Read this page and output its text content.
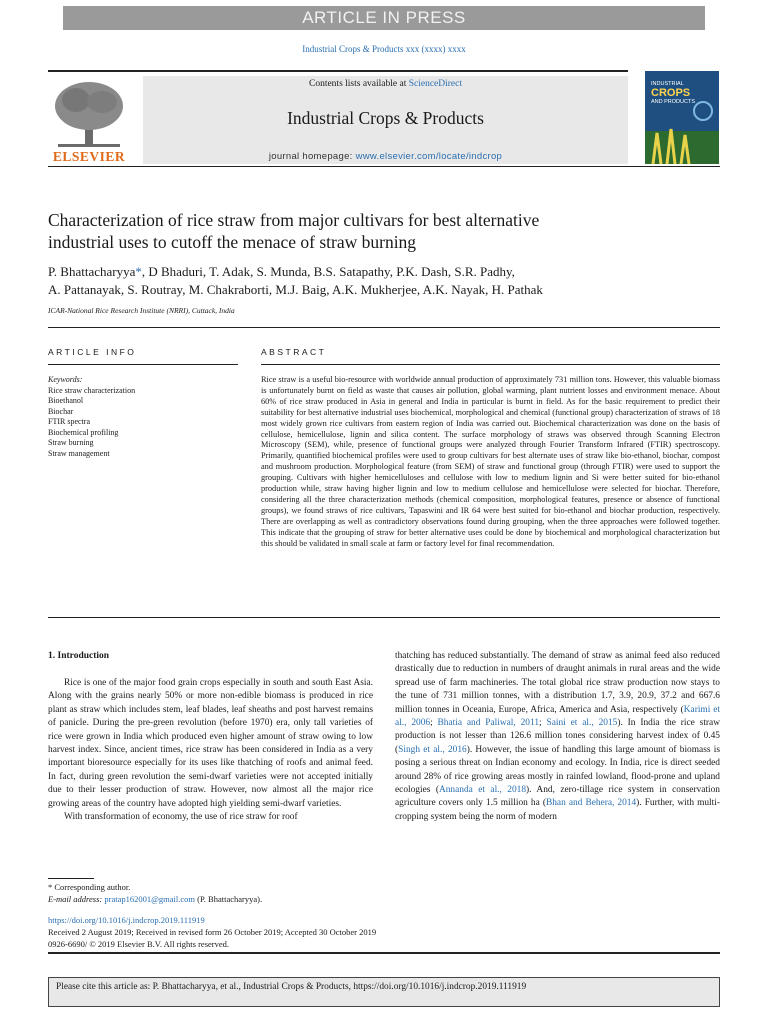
ARTICLE IN PRESS
Industrial Crops & Products xxx (xxxx) xxxx
ELSEVIER
Contents lists available at ScienceDirect
Industrial Crops & Products
journal homepage: www.elsevier.com/locate/indcrop
INDUSTRIAL
CROPS
AND PRODUCTS
Characterization of rice straw from major cultivars for best alternative
industrial uses to cutoff the menace of straw burning
P. Bhattacharyya*, D Bhaduri, T. Adak, S. Munda, B.S. Satapathy, P.K. Dash, S.R. Padhy,
A. Pattanayak, S. Routray, M. Chakraborti, M.J. Baig, A.K. Mukherjee, A.K. Nayak, H. Pathak
ICAR-National Rice Research Institute (NRRI), Cuttack, India
ARTICLE INFO	ABSTRACT
Keywords:
Rice straw characterization
Bioethanol
Biochar
FTIR spectra
Biochemical profiling
Straw burning
Straw management
Rice straw is a useful bio-resource with worldwide annual production of approximately 731 million tons. However, this valuable biomass is unfortunately burnt on field as waste that causes air pollution, global warming, plant nutrient losses and environment menace. About 60% of rice straw produced in Asia in general and India in particular is burnt in field. As for the basic requirement to predict their suitability for best alternative industrial uses biochemical, morphological and chemical (functional group) characterization of straws of 18 most widely grown rice cultivars from eastern region of India was carried out. Biochemical characterization was done on the basis of cellulose, hemicellulose, lignin and silica content. The surface morphology of straws was observed through Scanning Electron Microscopy (SEM), while, presence of functional groups were analyzed through Fourier Transform Infrared (FTIR) spectroscopy. Primarily, quantified biochemical profiles were used to group cultivars for best alternate uses of straw like bio-ethanol, biochar, compost and mushroom production. Morphological feature (from SEM) of straw and functional group (through FTIR) were used to support the grouping. Cultivars with higher hemicelluloses and cellulose with low to medium lignin and Si were better suited for bio-ethanol production while, straw having higher lignin and low to medium cellulose and hemicellulose were selected for biochar. Therefore, considering all the three characterization methods (chemical composition, morphological features, presence or absence of functional groups), we found straws of rice cultivars, Tapaswini and IR 64 were best suited for bio-ethanol and biochar production, respectively. There are overlapping as well as contradictory observations found during grouping, when the three approaches were followed together. This indicate that the grouping of straw for better alternative uses could be done by biochemical and morphological characterization but this should be validated in small scale at farm or factory level for final recommendation.
1. Introduction

Rice is one of the major food grain crops especially in south and south East Asia. Along with the grains nearly 50% or more non-edible biomass is produced in rice plant as straw which includes stem, leaf blades, leaf sheaths and post harvest remains of panicle. During the pre-green revolution (before 1970) era, only tall varieties of rice were grown in India which produced even higher amount of straw owing to low harvest index. Since, ancient times, rice straw has been considered in India as a very important bioresource especially for its uses like thatching of roofs and animal feed. In fact, during green revolution the semi-dwarf varieties were not accepted initially due to their lesser production of straw. However, now almost all the major rice growing areas of the country have adopted high yielding semi-dwarf varieties.

With transformation of economy, the use of rice straw for roof

thatching has reduced substantially. The demand of straw as animal feed also reduced drastically due to reduction in numbers of draught animals in rural areas and the wide spread use of farm machineries. The total global rice straw production now stays to the tune of 731 million tonnes, with a distribution 1.7, 3.9, 20.9, 37.2 and 667.6 million tonnes in Oceania, Europe, Africa, America and Asia, respectively (Karimi et al., 2006; Bhatia and Paliwal, 2011; Saini et al., 2015). In India the rice straw production is not lesser than 126.6 million tones considering harvest index of 0.45 (Singh et al., 2016). However, the issue of handling this large amount of biomass is posing a serious threat on Indian economy and ecology. In India, rice is direct seeded around 28% of rice growing areas mostly in rainfed lowland, flood-prone and upland ecologies (Annanda et al., 2018). And, zero-tillage rice system in conservation agriculture covers only 1.5 million ha (Bhan and Behera, 2014). Further, with multi-cropping system being the norm of modern
* Corresponding author.
E-mail address: pratap162001@gmail.com (P. Bhattacharyya).
https://doi.org/10.1016/j.indcrop.2019.111919
Received 2 August 2019; Received in revised form 26 October 2019; Accepted 30 October 2019
0926-6690/ © 2019 Elsevier B.V. All rights reserved.
Please cite this article as: P. Bhattacharyya, et al., Industrial Crops & Products, https://doi.org/10.1016/j.indcrop.2019.111919
